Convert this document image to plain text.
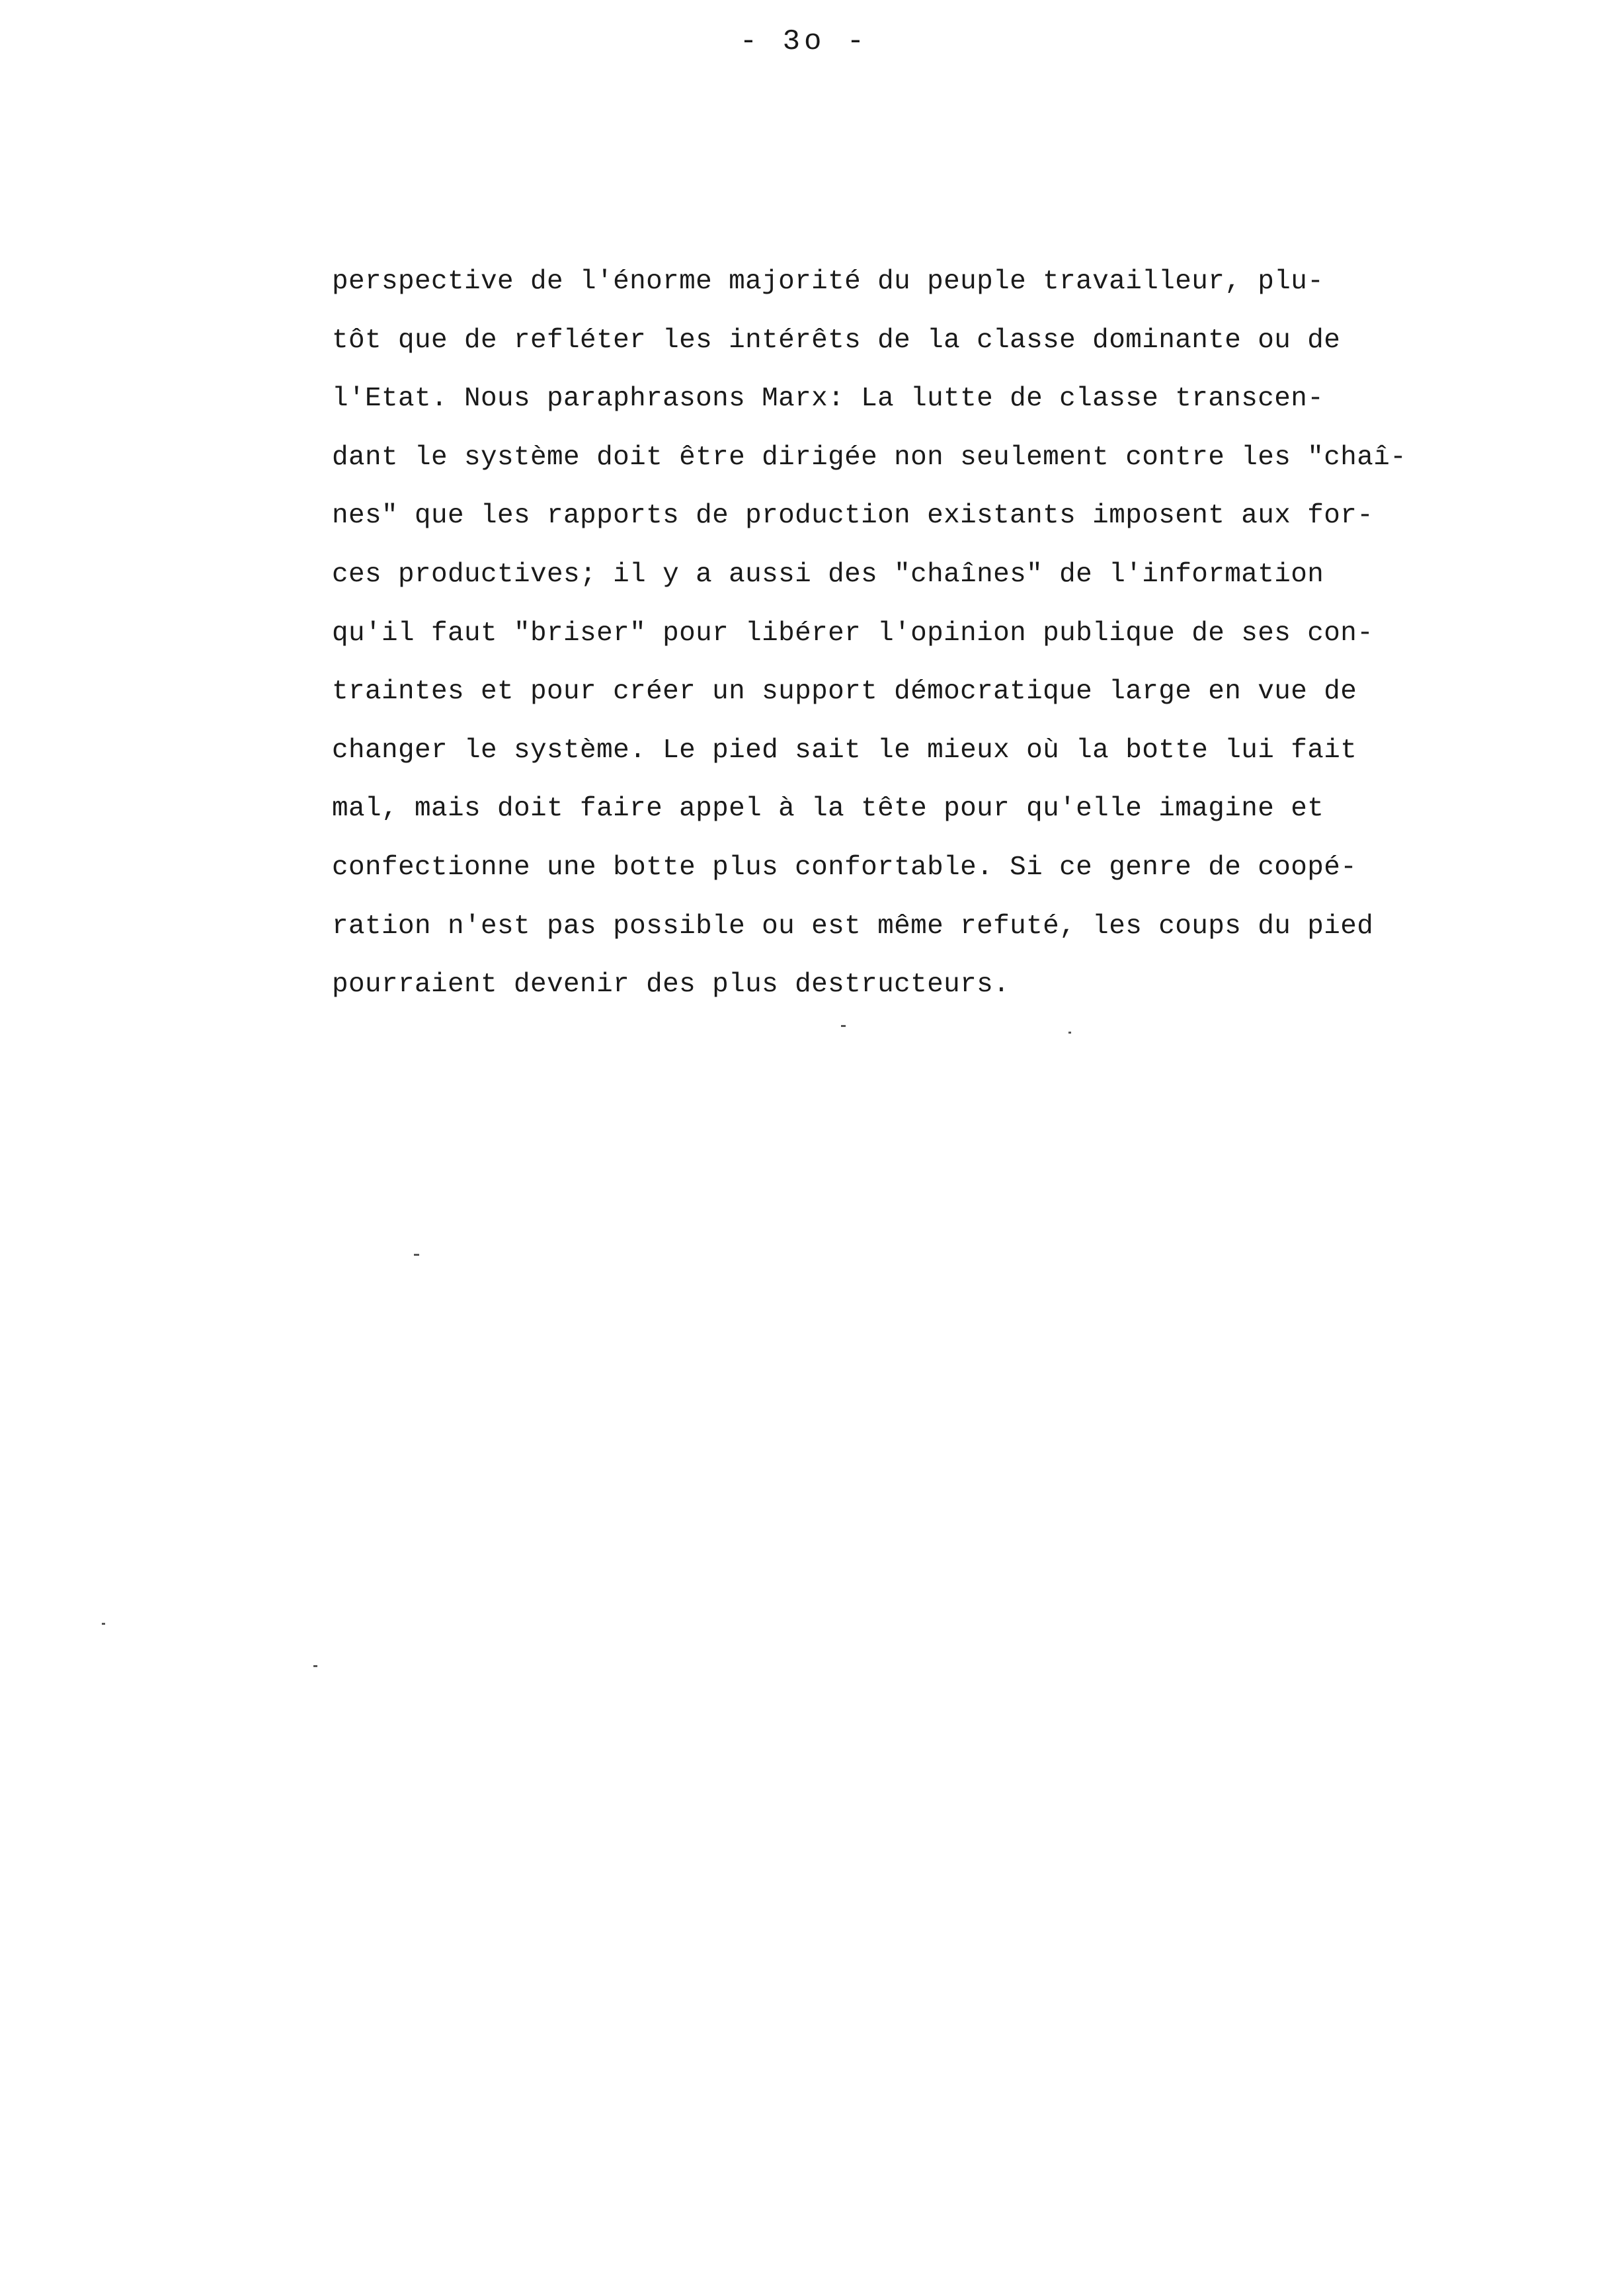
- 3o -
perspective de l'énorme majorité du peuple travailleur, plu-
tôt que de refléter les intérêts de la classe dominante ou de
l'Etat. Nous paraphrasons Marx: La lutte de classe transcen-
dant le système doit être dirigée non seulement contre les "chaî-
nes" que les rapports de production existants imposent aux for-
ces productives; il y a aussi des "chaînes" de l'information
qu'il faut "briser" pour libérer l'opinion publique de ses con-
traintes et pour créer un support démocratique large en vue de
changer le système. Le pied sait le mieux où la botte lui fait
mal, mais doit faire appel à la tête pour qu'elle imagine et
confectionne une botte plus confortable. Si ce genre de coopé-
ration n'est pas possible ou est même refuté, les coups du pied
pourraient devenir des plus destructeurs.
